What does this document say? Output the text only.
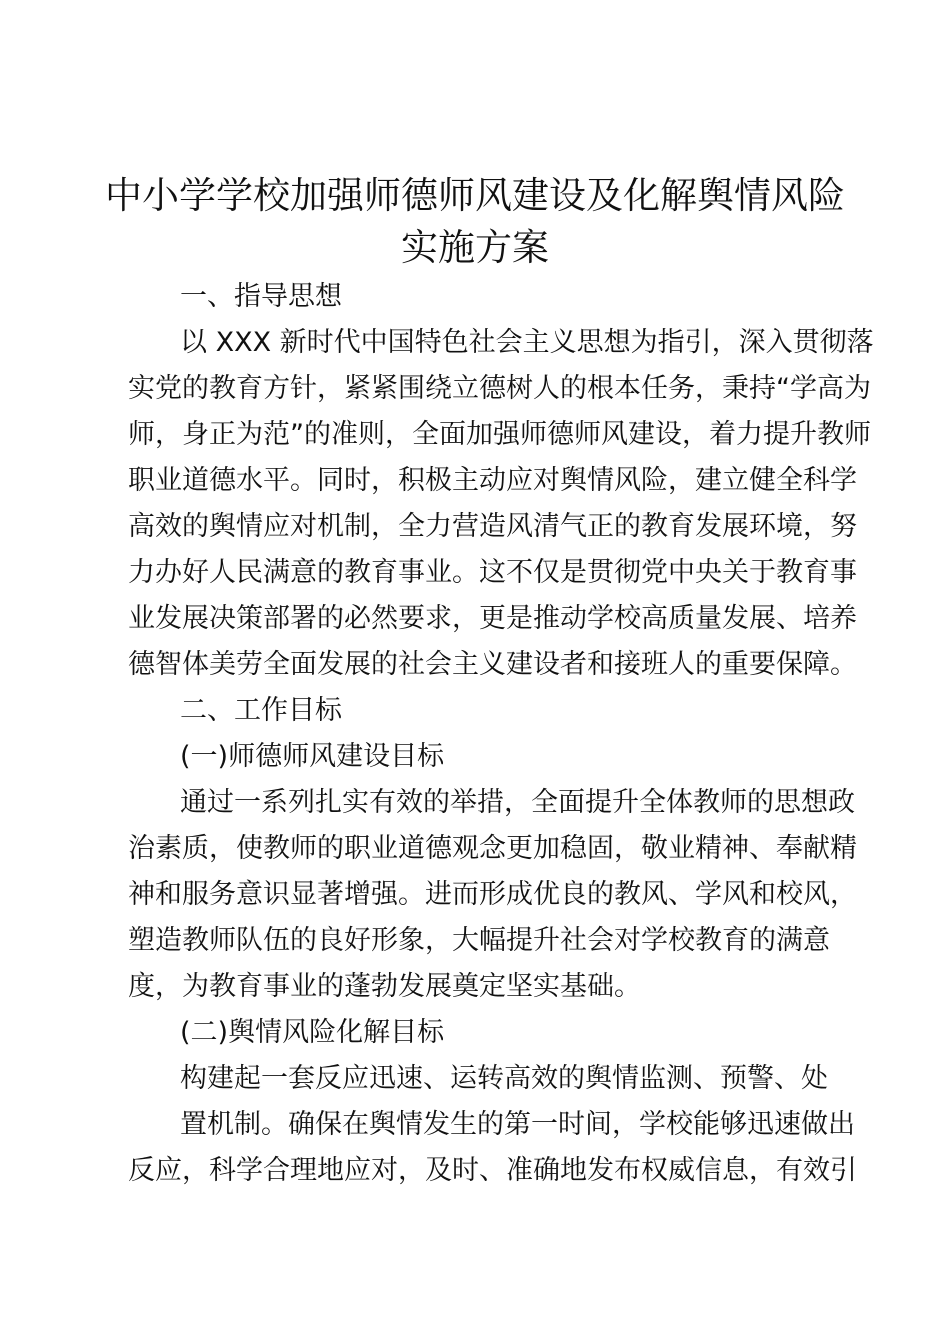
中小学学校加强师德师风建设及化解舆情风险
实施方案
一、指导思想
以 XXX 新时代中国特色社会主义思想为指引，深入贯彻落
实党的教育方针，紧紧围绕立德树人的根本任务，秉持“学高为
师，身正为范”的准则，全面加强师德师风建设，着力提升教师
职业道德水平。同时，积极主动应对舆情风险，建立健全科学
高效的舆情应对机制，全力营造风清气正的教育发展环境，努
力办好人民满意的教育事业。这不仅是贯彻党中央关于教育事
业发展决策部署的必然要求，更是推动学校高质量发展、培养
德智体美劳全面发展的社会主义建设者和接班人的重要保障。
二、工作目标
(一)师德师风建设目标
通过一系列扎实有效的举措，全面提升全体教师的思想政
治素质，使教师的职业道德观念更加稳固，敬业精神、奉献精
神和服务意识显著增强。进而形成优良的教风、学风和校风，
塑造教师队伍的良好形象，大幅提升社会对学校教育的满意
度，为教育事业的蓬勃发展奠定坚实基础。
(二)舆情风险化解目标
构建起一套反应迅速、运转高效的舆情监测、预警、处
置机制。确保在舆情发生的第一时间，学校能够迅速做出
反应，科学合理地应对，及时、准确地发布权威信息，有效引
